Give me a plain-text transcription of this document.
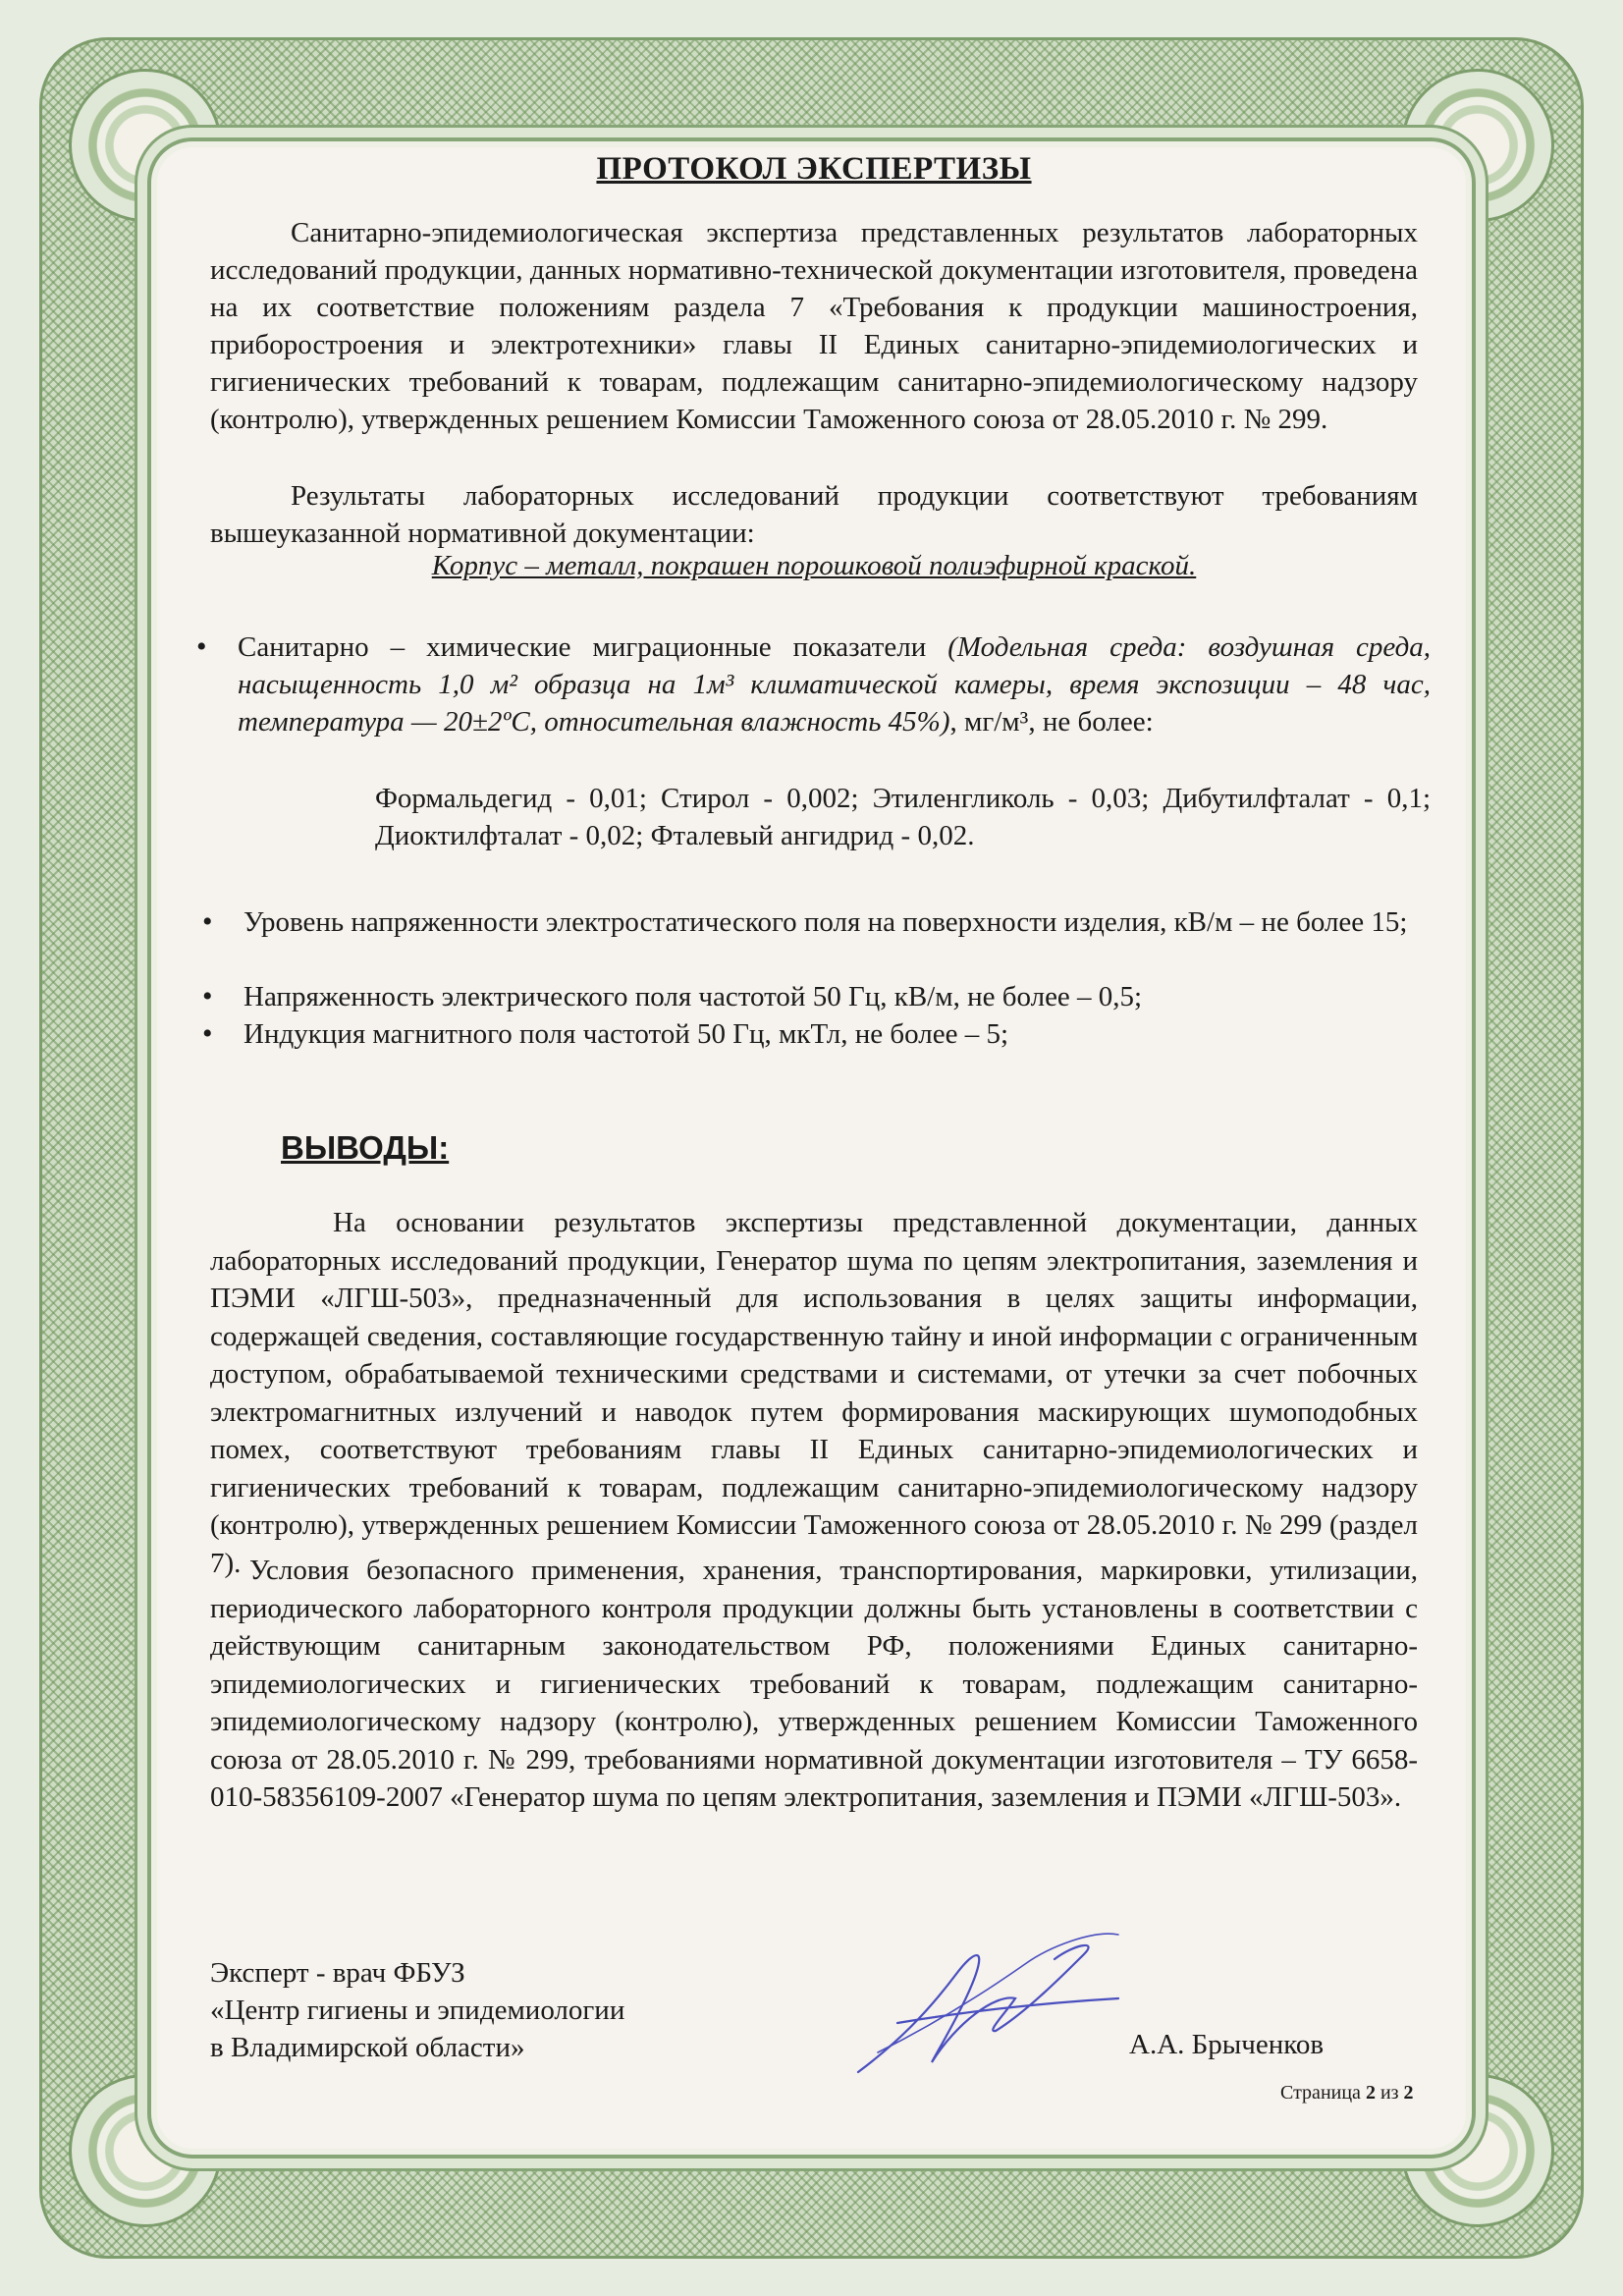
ПРОТОКОЛ ЭКСПЕРТИЗЫ
Санитарно-эпидемиологическая экспертиза представленных результатов лабораторных исследований продукции, данных нормативно-технической документации изготовителя, проведена на их соответствие положениям раздела 7 «Требования к продукции машиностроения, приборостроения и электротехники» главы II Единых санитарно-эпидемиологических и гигиенических требований к товарам, подлежащим санитарно-эпидемиологическому надзору (контролю), утвержденных решением Комиссии Таможенного союза от 28.05.2010 г. № 299.
Результаты лабораторных исследований продукции соответствуют требованиям вышеуказанной нормативной документации:
Корпус – металл, покрашен порошковой полиэфирной краской.
• Санитарно – химические миграционные показатели (Модельная среда: воздушная среда, насыщенность 1,0 м² образца на 1м³ климатической камеры, время экспозиции – 48 час, температура — 20±2ºС, относительная влажность 45%), мг/м³, не более:
Формальдегид - 0,01; Стирол - 0,002; Этиленгликоль - 0,03; Дибутилфталат - 0,1; Диоктилфталат - 0,02; Фталевый ангидрид - 0,02.
• Уровень напряженности электростатического поля на поверхности изделия, кВ/м – не более 15;
• Напряженность электрического поля частотой 50 Гц, кВ/м, не более – 0,5;
• Индукция магнитного поля частотой 50 Гц, мкТл, не более – 5;
ВЫВОДЫ:
На основании результатов экспертизы представленной документации, данных лабораторных исследований продукции, Генератор шума по цепям электропитания, заземления и ПЭМИ «ЛГШ-503», предназначенный для использования в целях защиты информации, содержащей сведения, составляющие государственную тайну и иной информации с ограниченным доступом, обрабатываемой техническими средствами и системами, от утечки за счет побочных электромагнитных излучений и наводок путем формирования маскирующих шумоподобных помех, соответствуют требованиям главы II Единых санитарно-эпидемиологических и гигиенических требований к товарам, подлежащим санитарно-эпидемиологическому надзору (контролю), утвержденных решением Комиссии Таможенного союза от 28.05.2010 г. № 299 (раздел 7). Условия безопасного применения, хранения, транспортирования, маркировки, утилизации, периодического лабораторного контроля продукции должны быть установлены в соответствии с действующим санитарным законодательством РФ, положениями Единых санитарно-эпидемиологических и гигиенических требований к товарам, подлежащим санитарно-эпидемиологическому надзору (контролю), утвержденных решением Комиссии Таможенного союза от 28.05.2010 г. № 299, требованиями нормативной документации изготовителя – ТУ 6658-010-58356109-2007 «Генератор шума по цепям электропитания, заземления и ПЭМИ «ЛГШ-503».
Эксперт - врач ФБУЗ
«Центр гигиены и эпидемиологии
в Владимирской области»	А.А. Брыченков
Страница 2 из 2
